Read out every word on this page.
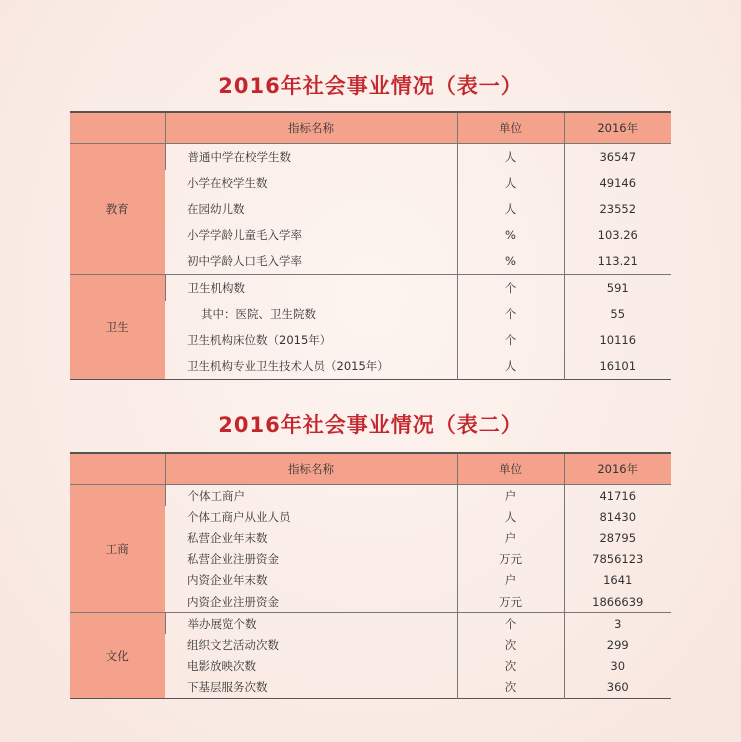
2016年社会事业情况（表一）
	指标名称	单位	2016年
教育	普通中学在校学生数	人	36547
	小学在校学生数	人	49146
	在园幼儿数	人	23552
	小学学龄儿童毛入学率	%	103.26
	初中学龄人口毛入学率	%	113.21
卫生	卫生机构数	个	591
	其中：医院、卫生院数	个	55
	卫生机构床位数（2015年）	个	10116
	卫生机构专业卫生技术人员（2015年）	人	16101
2016年社会事业情况（表二）
	指标名称	单位	2016年
工商	个体工商户	户	41716
	个体工商户从业人员	人	81430
	私营企业年末数	户	28795
	私营企业注册资金	万元	7856123
	内资企业年末数	户	1641
	内资企业注册资金	万元	1866639
文化	举办展览个数	个	3
	组织文艺活动次数	次	299
	电影放映次数	次	30
	下基层服务次数	次	360
